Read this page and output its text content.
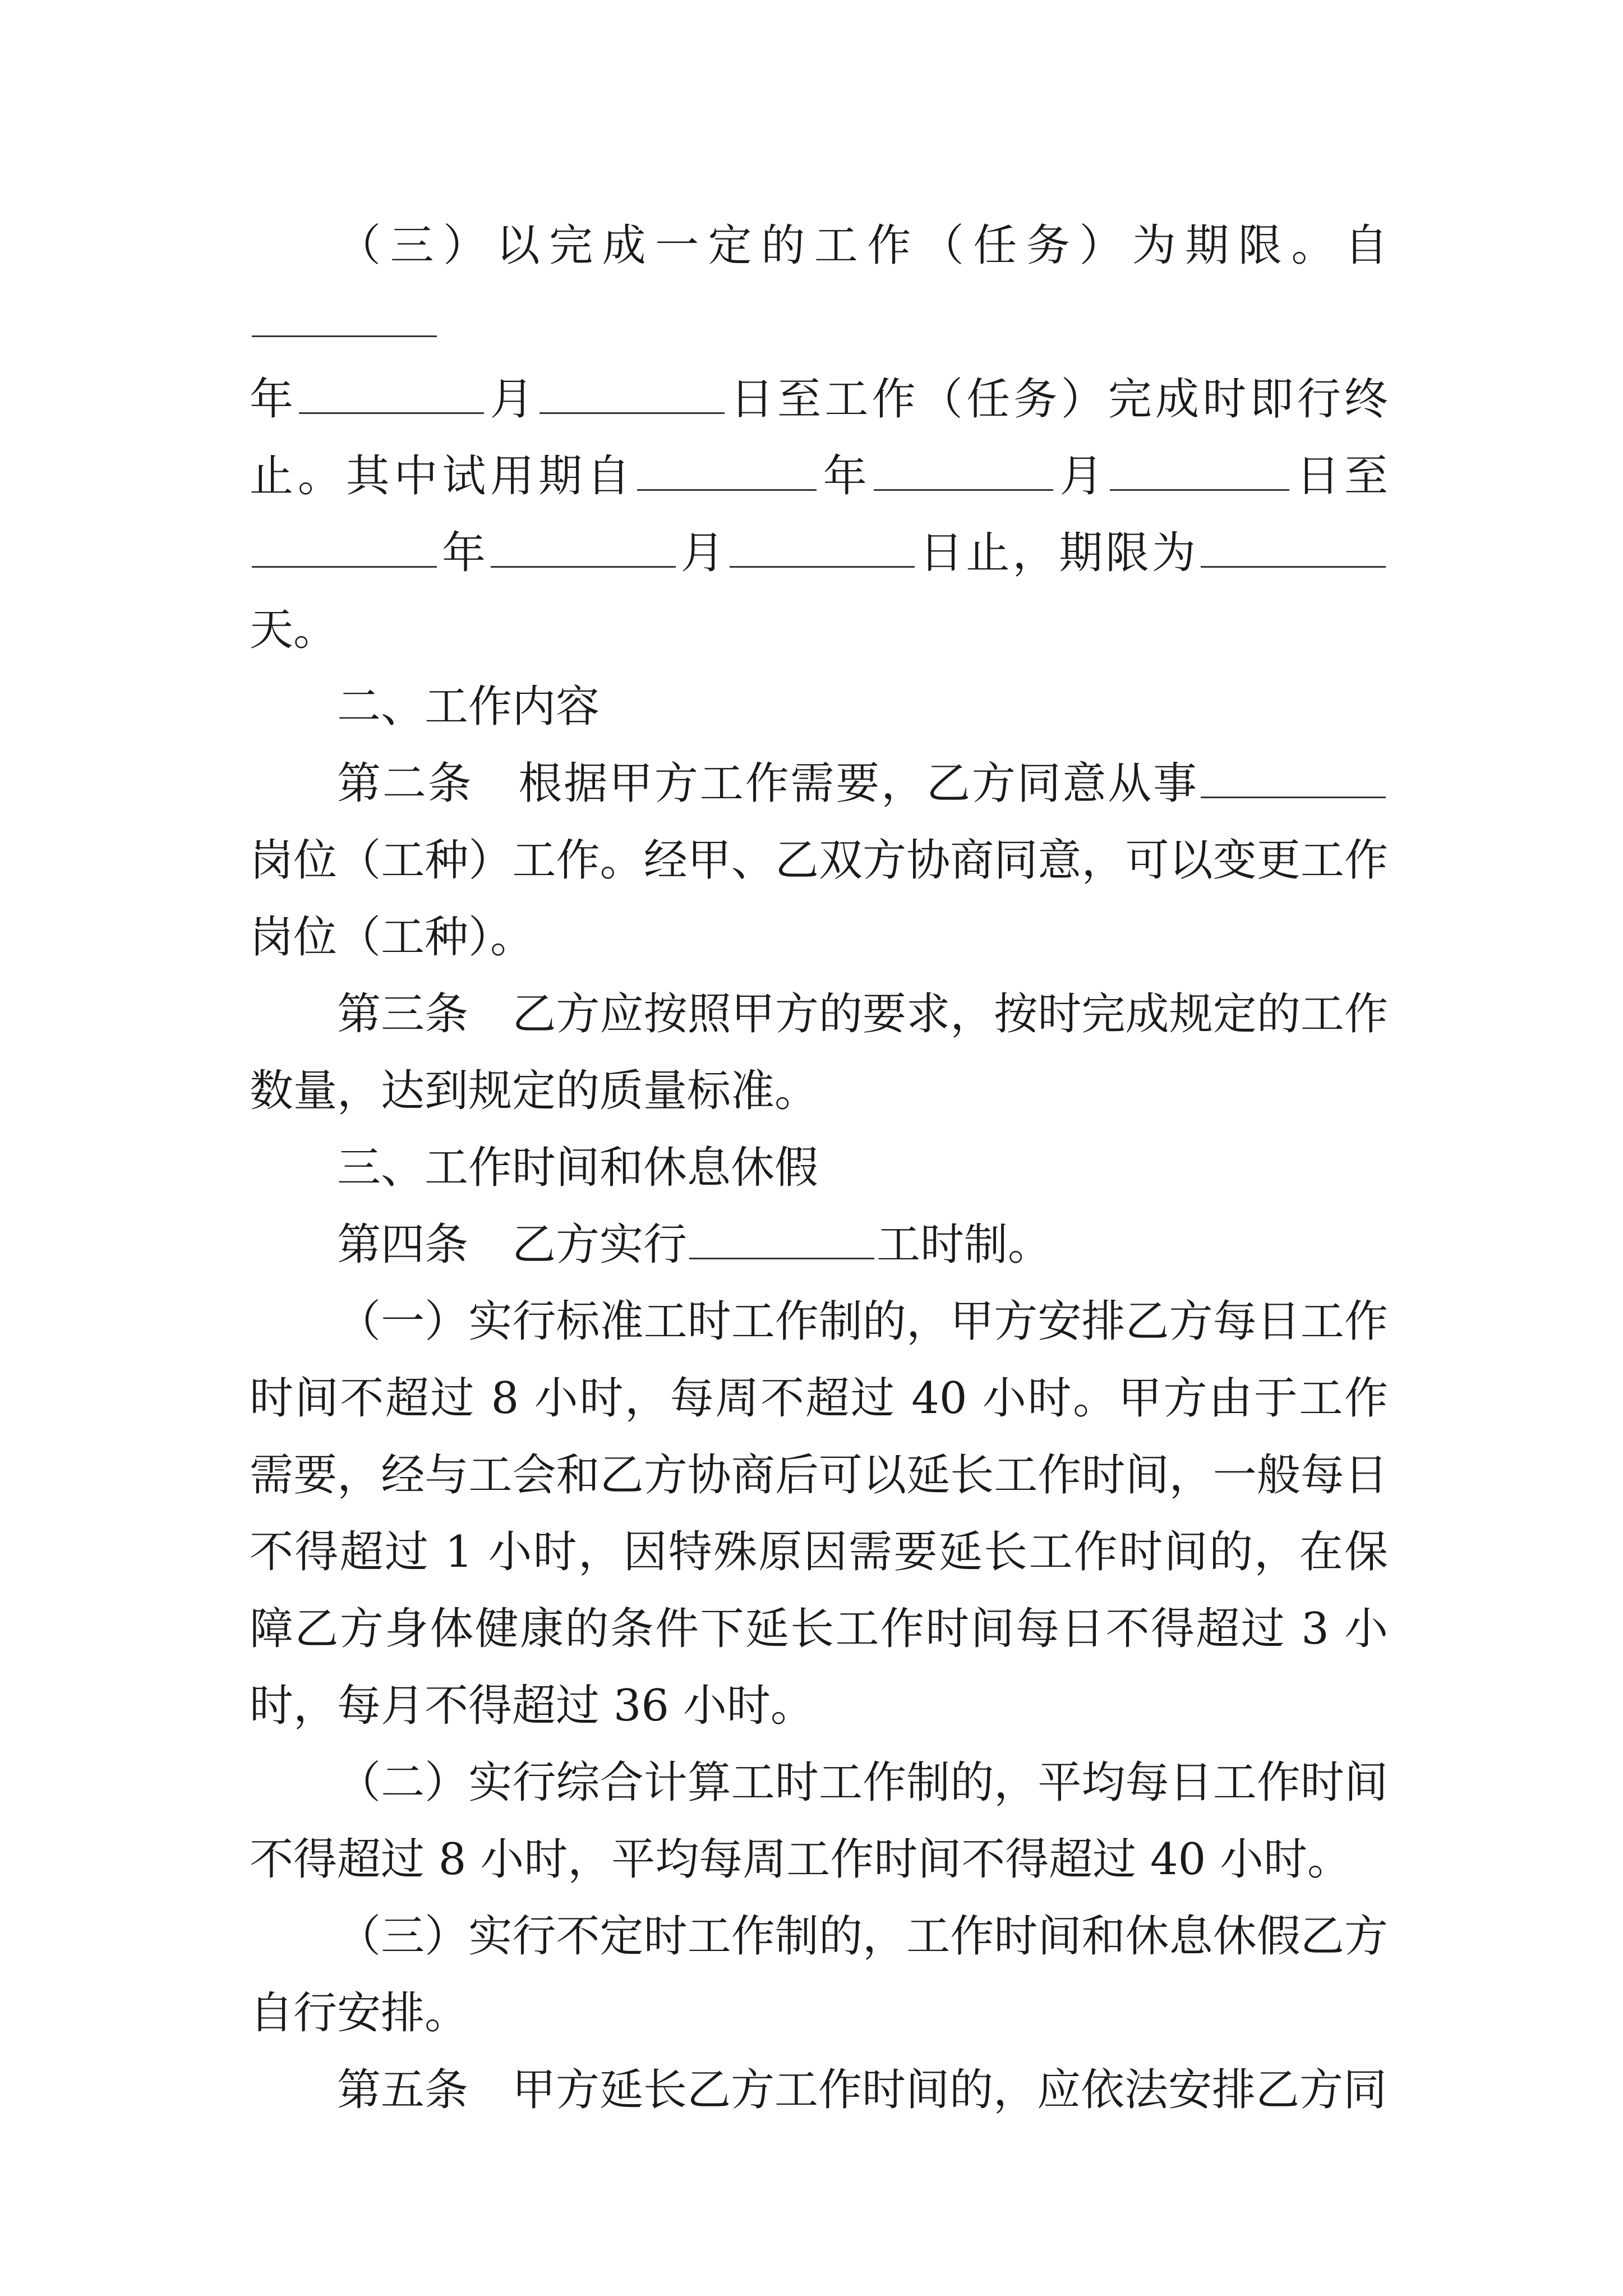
（三）以完成一定的工作（任务）为期限。自
年	月	日至工作（任务）完成时即行终止。其中试用期自	年	月	日至年	月	日止，期限为天。

二、工作内容

第二条　根据甲方工作需要，乙方同意从事岗位（工种）工作。经甲、乙双方协商同意，可以变更工作岗位（工种）。

第三条　乙方应按照甲方的要求，按时完成规定的工作数量，达到规定的质量标准。

三、工作时间和休息休假

第四条　乙方实行	工时制。

（一）实行标准工时工作制的，甲方安排乙方每日工作时间不超过 8 小时，每周不超过 40 小时。甲方由于工作需要，经与工会和乙方协商后可以延长工作时间，一般每日不得超过 1 小时，因特殊原因需要延长工作时间的，在保障乙方身体健康的条件下延长工作时间每日不得超过 3 小时，每月不得超过 36 小时。

（二）实行综合计算工时工作制的，平均每日工作时间不得超过 8 小时，平均每周工作时间不得超过 40 小时。

（三）实行不定时工作制的，工作时间和休息休假乙方自行安排。

第五条　甲方延长乙方工作时间的，应依法安排乙方同
